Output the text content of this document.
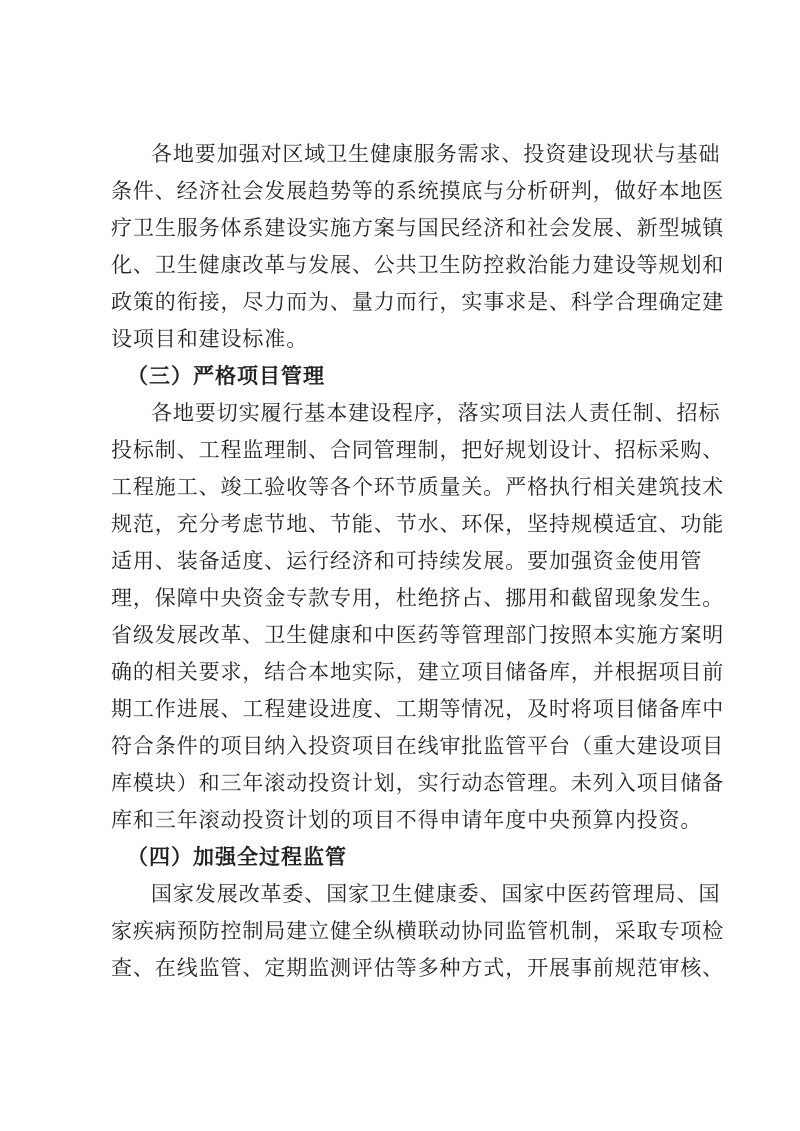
各地要加强对区域卫生健康服务需求、投资建设现状与基础
条件、经济社会发展趋势等的系统摸底与分析研判，做好本地医
疗卫生服务体系建设实施方案与国民经济和社会发展、新型城镇
化、卫生健康改革与发展、公共卫生防控救治能力建设等规划和
政策的衔接，尽力而为、量力而行，实事求是、科学合理确定建
设项目和建设标准。
（三）严格项目管理
各地要切实履行基本建设程序，落实项目法人责任制、招标
投标制、工程监理制、合同管理制，把好规划设计、招标采购、
工程施工、竣工验收等各个环节质量关。严格执行相关建筑技术
规范，充分考虑节地、节能、节水、环保，坚持规模适宜、功能
适用、装备适度、运行经济和可持续发展。要加强资金使用管
理，保障中央资金专款专用，杜绝挤占、挪用和截留现象发生。
省级发展改革、卫生健康和中医药等管理部门按照本实施方案明
确的相关要求，结合本地实际，建立项目储备库，并根据项目前
期工作进展、工程建设进度、工期等情况，及时将项目储备库中
符合条件的项目纳入投资项目在线审批监管平台（重大建设项目
库模块）和三年滚动投资计划，实行动态管理。未列入项目储备
库和三年滚动投资计划的项目不得申请年度中央预算内投资。
（四）加强全过程监管
国家发展改革委、国家卫生健康委、国家中医药管理局、国
家疾病预防控制局建立健全纵横联动协同监管机制，采取专项检
查、在线监管、定期监测评估等多种方式，开展事前规范审核、
